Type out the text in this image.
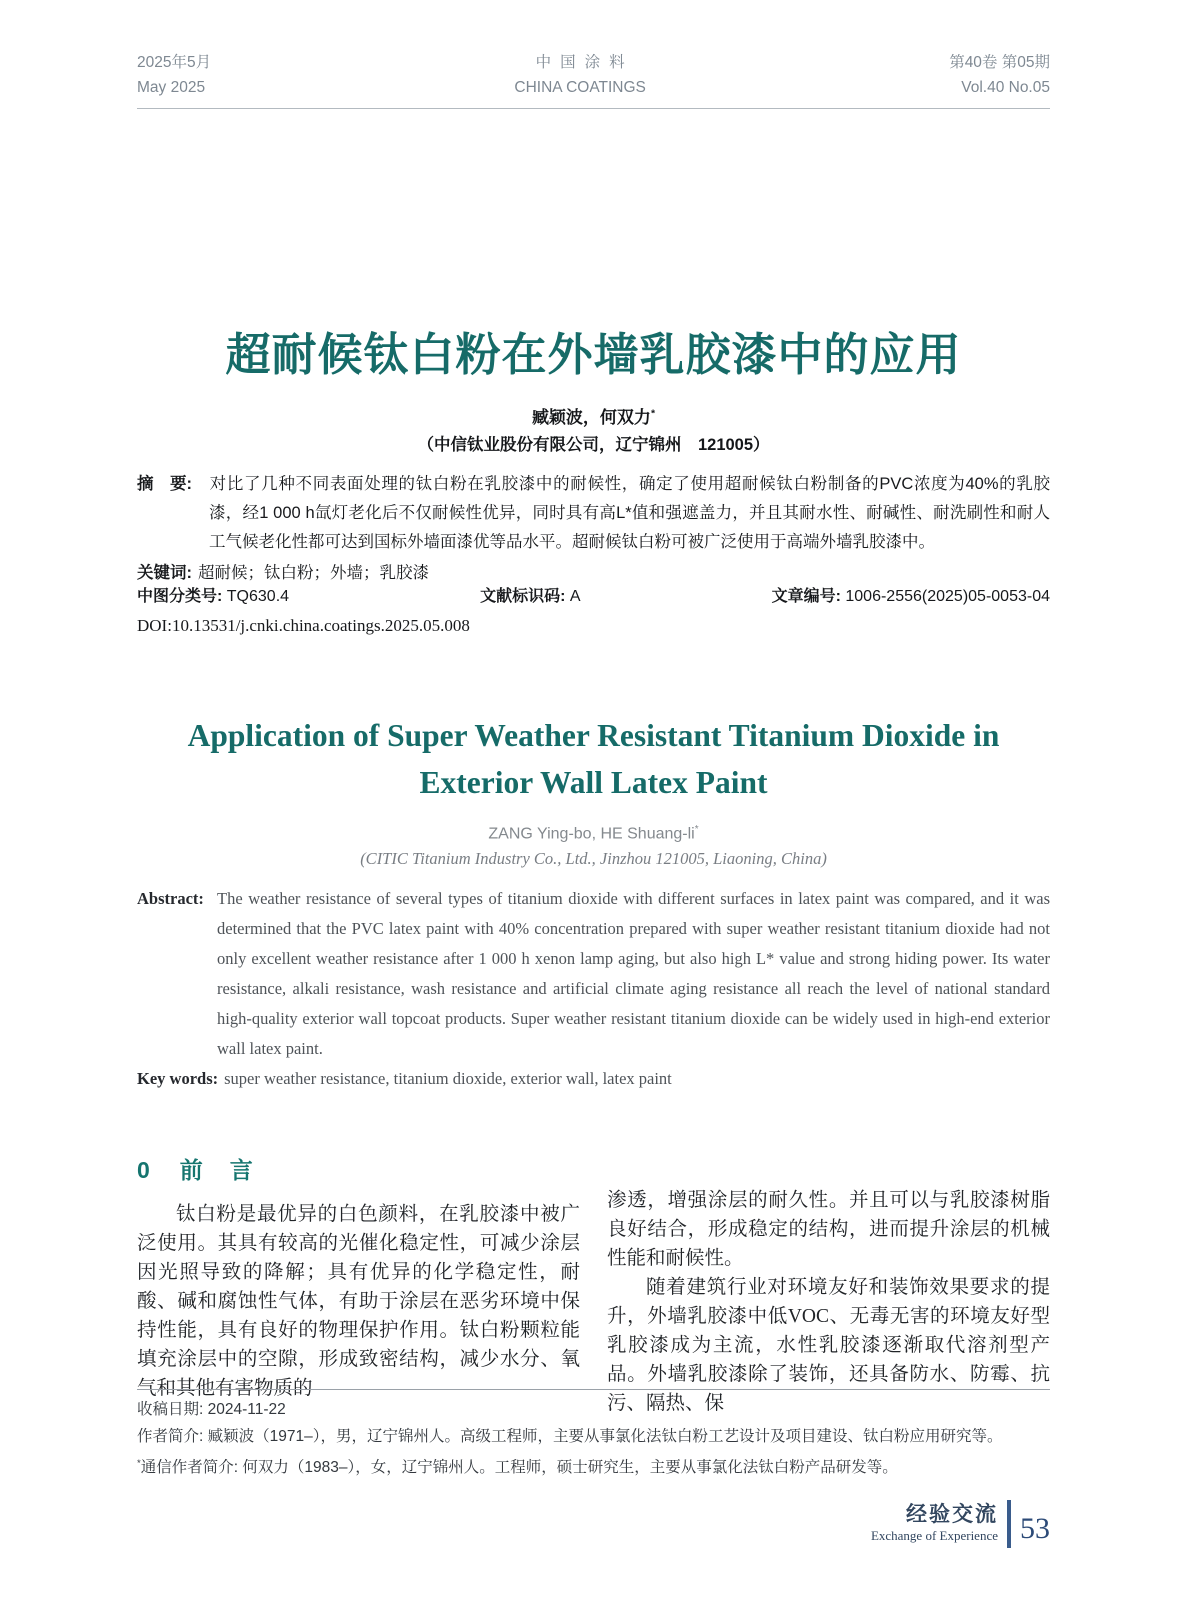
2025年5月
May 2025
中国涂料
CHINA COATINGS
第40卷 第05期
Vol.40 No.05
超耐候钛白粉在外墙乳胶漆中的应用
臧颖波，何双力*
（中信钛业股份有限公司，辽宁锦州　121005）

摘　要: 对比了几种不同表面处理的钛白粉在乳胶漆中的耐候性，确定了使用超耐候钛白粉制备的PVC浓度为40%的乳胶漆，经1 000 h氙灯老化后不仅耐候性优异，同时具有高L*值和强遮盖力，并且其耐水性、耐碱性、耐洗刷性和耐人工气候老化性都可达到国标外墙面漆优等品水平。超耐候钛白粉可被广泛使用于高端外墙乳胶漆中。

关键词: 超耐候；钛白粉；外墙；乳胶漆

中图分类号: TQ630.4	文献标识码: A	文章编号: 1006-2556(2025)05-0053-04
DOI:10.13531/j.cnki.china.coatings.2025.05.008
Application of Super Weather Resistant Titanium Dioxide in
Exterior Wall Latex Paint
ZANG Ying-bo, HE Shuang-li*
(CITIC Titanium Industry Co., Ltd., Jinzhou 121005, Liaoning, China)

Abstract: The weather resistance of several types of titanium dioxide with different surfaces in latex paint was compared, and it was determined that the PVC latex paint with 40% concentration prepared with super weather resistant titanium dioxide had not only excellent weather resistance after 1 000 h xenon lamp aging, but also high L* value and strong hiding power. Its water resistance, alkali resistance, wash resistance and artificial climate aging resistance all reach the level of national standard high-quality exterior wall topcoat products. Super weather resistant titanium dioxide can be widely used in high-end exterior wall latex paint.

Key words: super weather resistance, titanium dioxide, exterior wall, latex paint

0 前　言

钛白粉是最优异的白色颜料，在乳胶漆中被广泛使用。其具有较高的光催化稳定性，可减少涂层因光照导致的降解；具有优异的化学稳定性，耐酸、碱和腐蚀性气体，有助于涂层在恶劣环境中保持性能，具有良好的物理保护作用。钛白粉颗粒能填充涂层中的空隙，形成致密结构，减少水分、氧气和其他有害物质的

渗透，增强涂层的耐久性。并且可以与乳胶漆树脂良好结合，形成稳定的结构，进而提升涂层的机械性能和耐候性。

随着建筑行业对环境友好和装饰效果要求的提升，外墙乳胶漆中低VOC、无毒无害的环境友好型乳胶漆成为主流，水性乳胶漆逐渐取代溶剂型产品。外墙乳胶漆除了装饰，还具备防水、防霉、抗污、隔热、保

收稿日期: 2024-11-22

作者简介: 臧颖波（1971–），男，辽宁锦州人。高级工程师，主要从事氯化法钛白粉工艺设计及项目建设、钛白粉应用研究等。

*通信作者简介: 何双力（1983–），女，辽宁锦州人。工程师，硕士研究生，主要从事氯化法钛白粉产品研发等。

经验交流
Exchange of Experience 53
